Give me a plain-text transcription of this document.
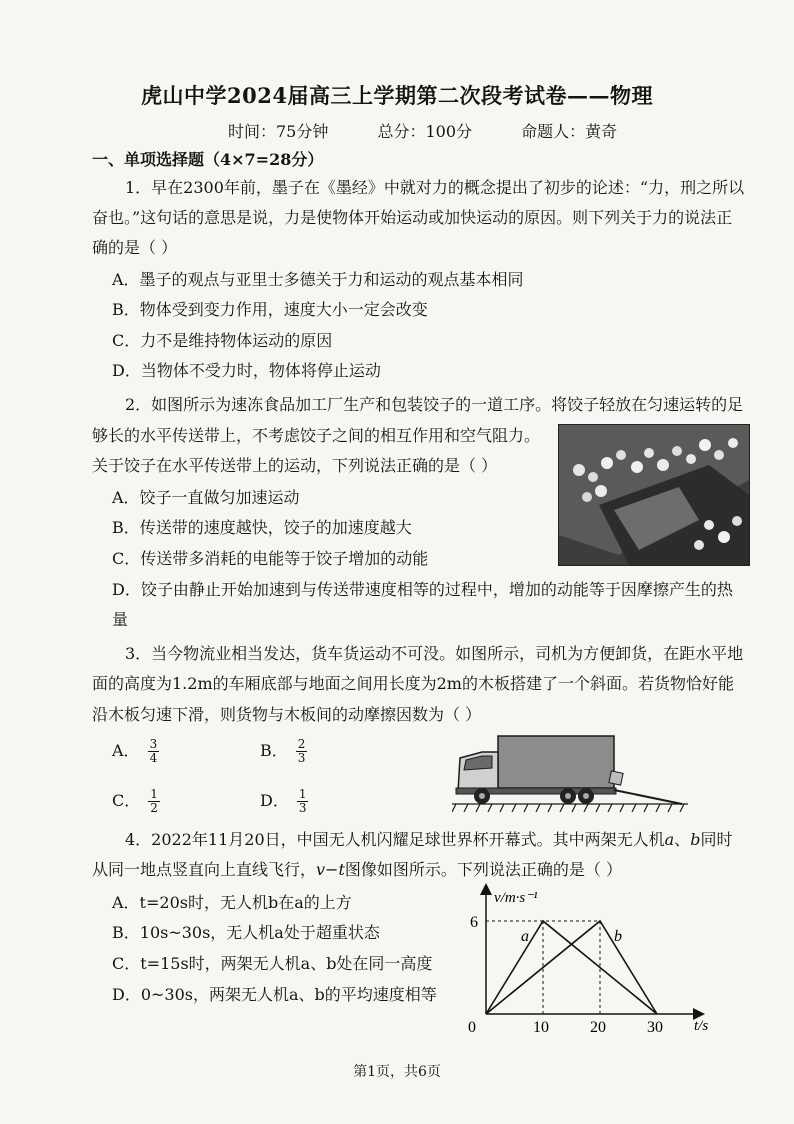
虎山中学2024届高三上学期第二次段考试卷——物理
时间：75分钟	总分：100分	命题人：黄奇
一、单项选择题（4×7=28分）
1．早在2300年前，墨子在《墨经》中就对力的概念提出了初步的论述：“力，刑之所以
奋也。”这句话的意思是说，力是使物体开始运动或加快运动的原因。则下列关于力的说法正
确的是（ ）
A．墨子的观点与亚里士多德关于力和运动的观点基本相同
B．物体受到变力作用，速度大小一定会改变
C．力不是维持物体运动的原因
D．当物体不受力时，物体将停止运动
2．如图所示为速冻食品加工厂生产和包装饺子的一道工序。将饺子轻放在匀速运转的足
够长的水平传送带上，不考虑饺子之间的相互作用和空气阻力。
关于饺子在水平传送带上的运动，下列说法正确的是（ ）
A．饺子一直做匀加速运动
B．传送带的速度越快，饺子的加速度越大
C．传送带多消耗的电能等于饺子增加的动能
D．饺子由静止开始加速到与传送带速度相等的过程中，增加的动能等于因摩擦产生的热
量
3．当今物流业相当发达，货车货运动不可没。如图所示，司机为方便卸货，在距水平地
面的高度为1.2m的车厢底部与地面之间用长度为2m的木板搭建了一个斜面。若货物恰好能
沿木板匀速下滑，则货物与木板间的动摩擦因数为（ ）
A． $\frac{3}{4}$	B． $\frac{2}{3}$
C． $\frac{1}{2}$	D． $\frac{1}{3}$
4．2022年11月20日，中国无人机闪耀足球世界杯开幕式。其中两架无人机a、b同时
从同一地点竖直向上直线飞行，v−t图像如图所示。下列说法正确的是（ ）
A．t=20s时，无人机b在a的上方
B．10s~30s，无人机a处于超重状态
C．t=15s时，两架无人机a、b处在同一高度
D．0~30s，两架无人机a、b的平均速度相等
a	b
0	10	20	30
6
v/m·s⁻¹
t/s
第1页，共6页
